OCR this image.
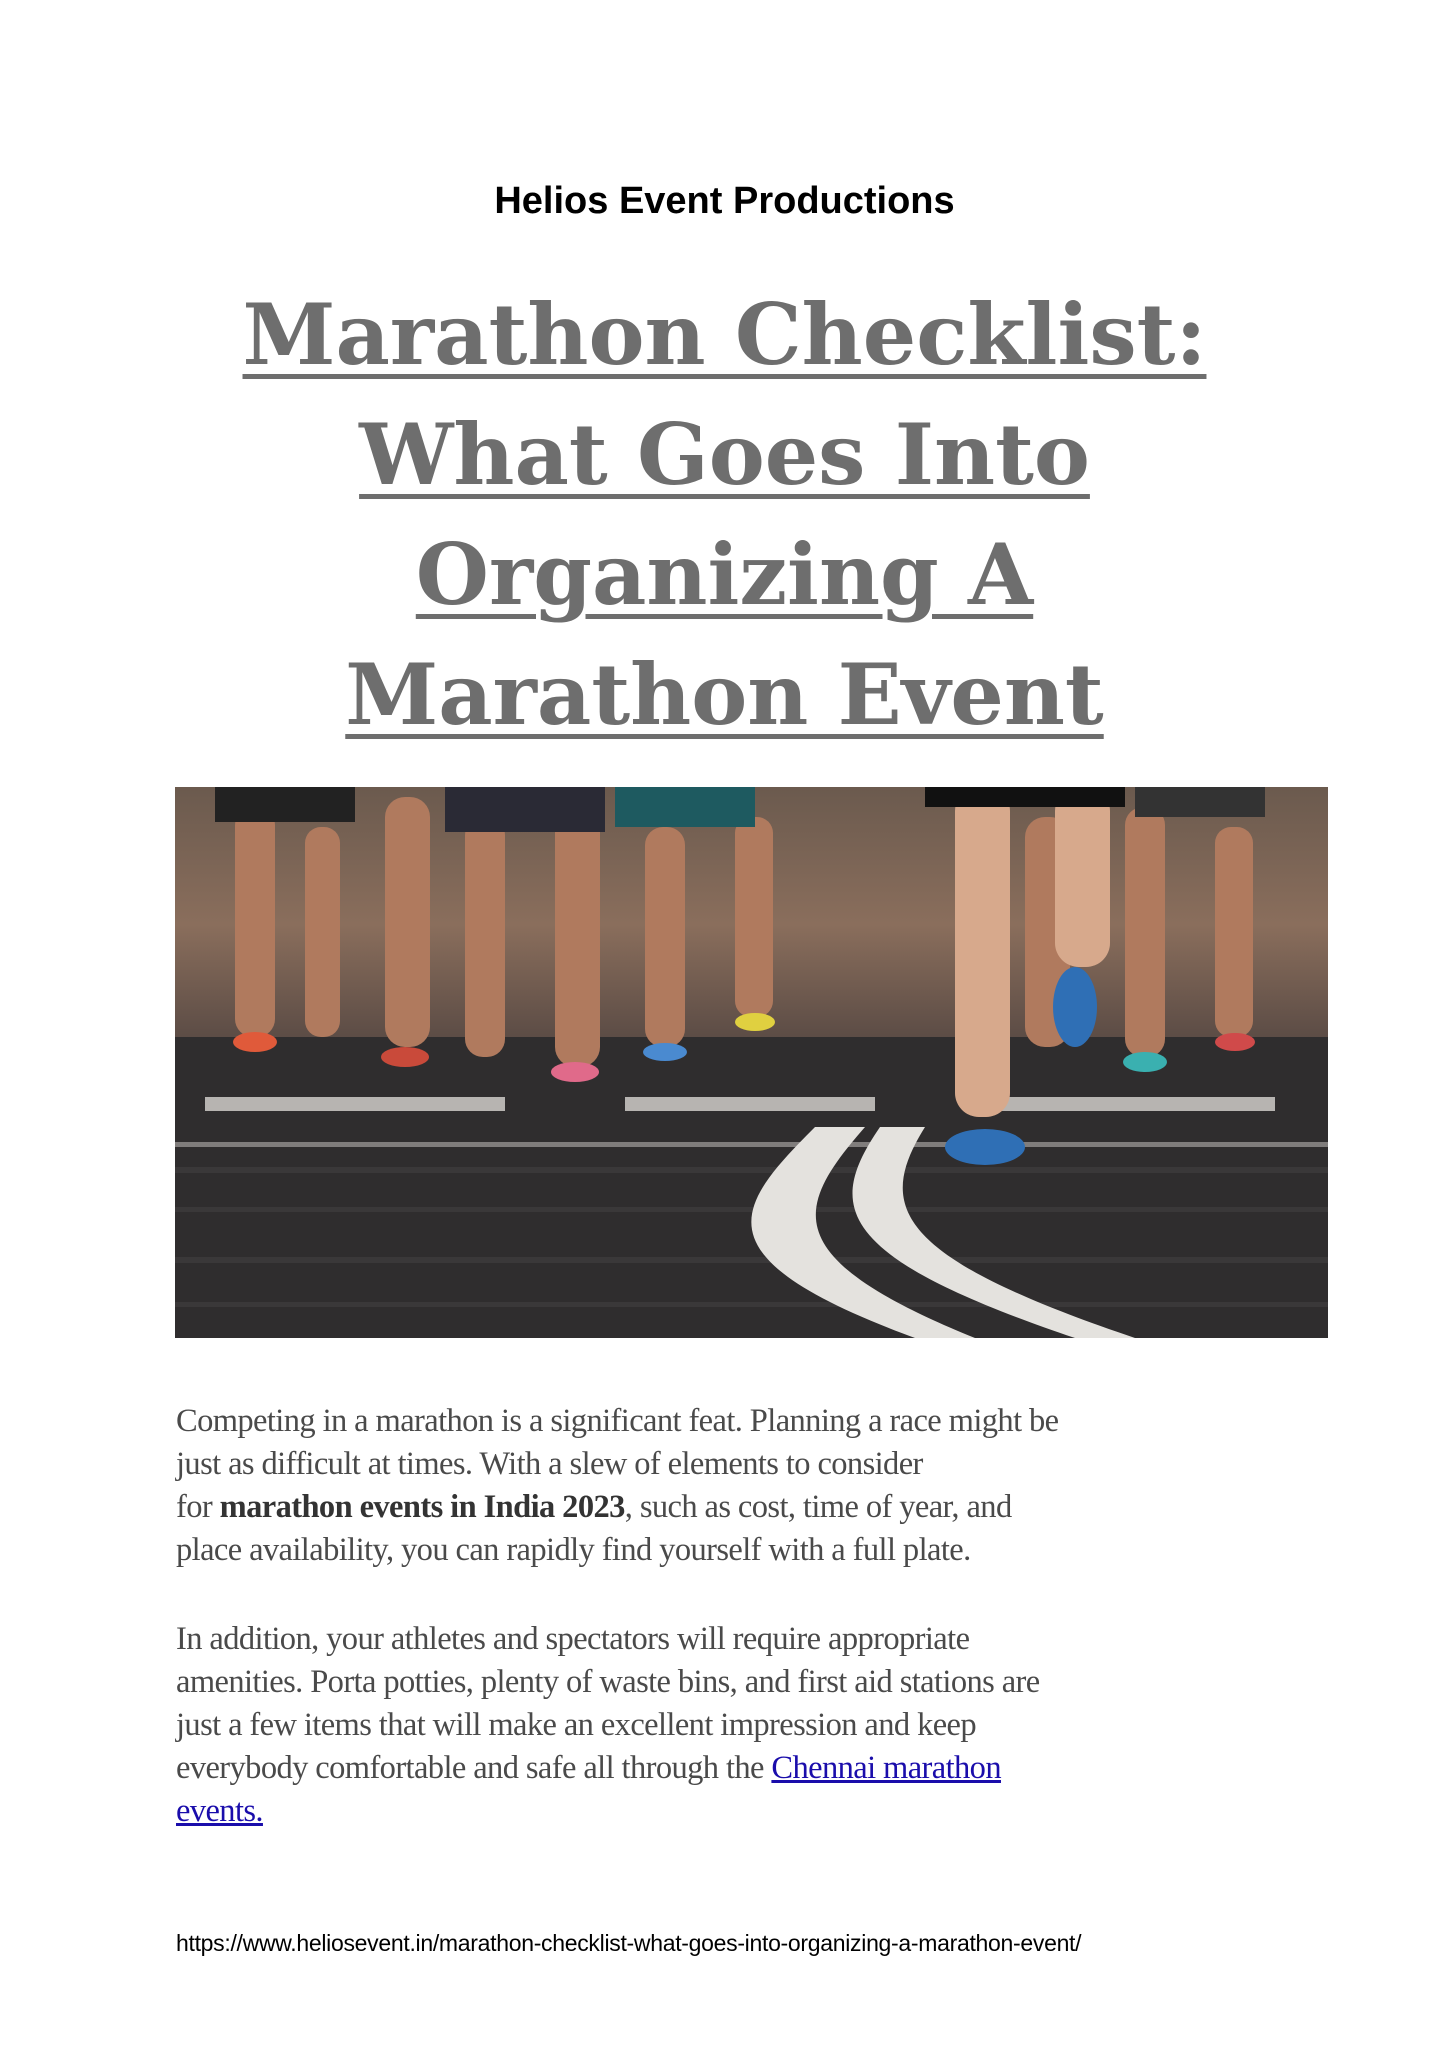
Helios Event Productions
Marathon Checklist:
What Goes Into
Organizing A
Marathon Event
Competing in a marathon is a significant feat. Planning a race might be
just as difficult at times. With a slew of elements to consider
for marathon events in India 2023, such as cost, time of year, and
place availability, you can rapidly find yourself with a full plate.
In addition, your athletes and spectators will require appropriate
amenities. Porta potties, plenty of waste bins, and first aid stations are
just a few items that will make an excellent impression and keep
everybody comfortable and safe all through the Chennai marathon
events.
https://www.heliosevent.in/marathon-checklist-what-goes-into-organizing-a-marathon-event/
